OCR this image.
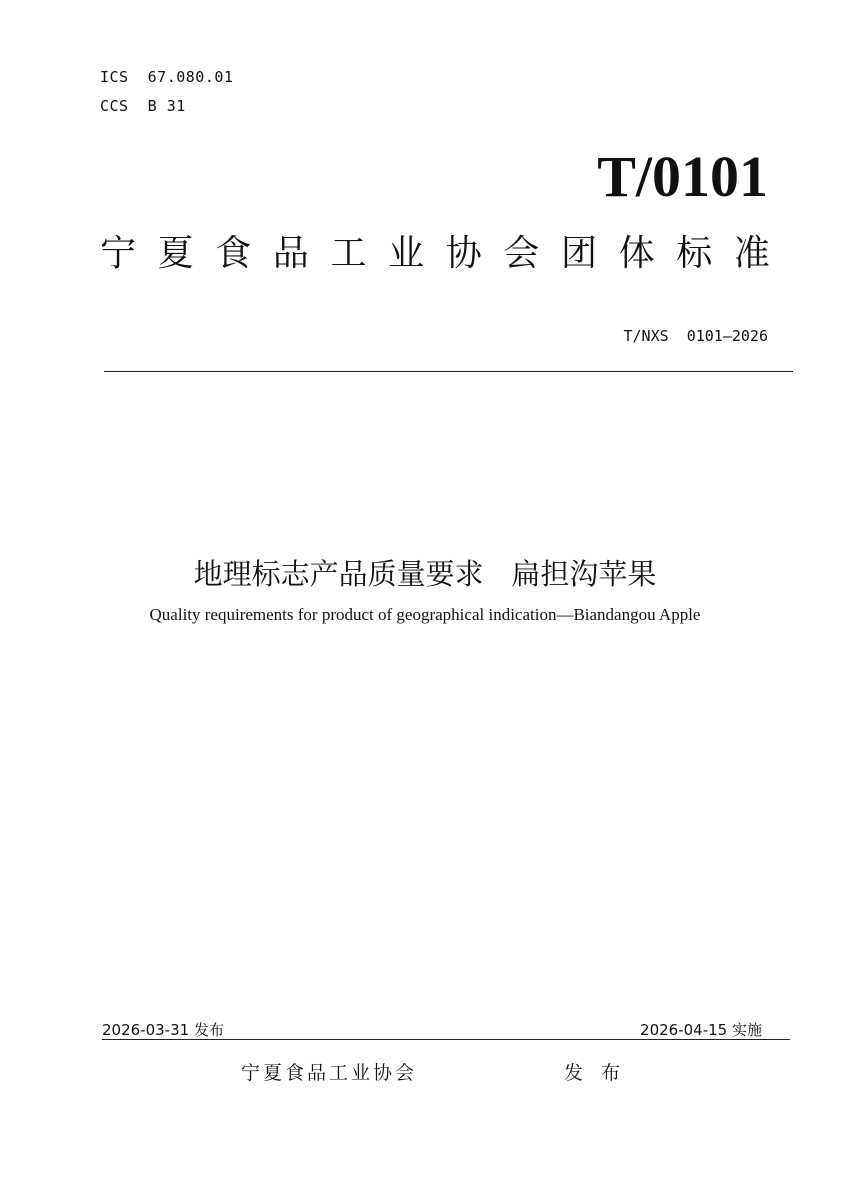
ICS  67.080.01
CCS  B 31
T/0101
宁 夏 食 品 工 业 协 会 团 体 标 准
T/NXS  0101—2026
地理标志产品质量要求   扁担沟苹果
Quality requirements for product of geographical indication—Biandangou Apple
2026-03-31 发布	2026-04-15 实施
宁夏食品工业协会	发布
